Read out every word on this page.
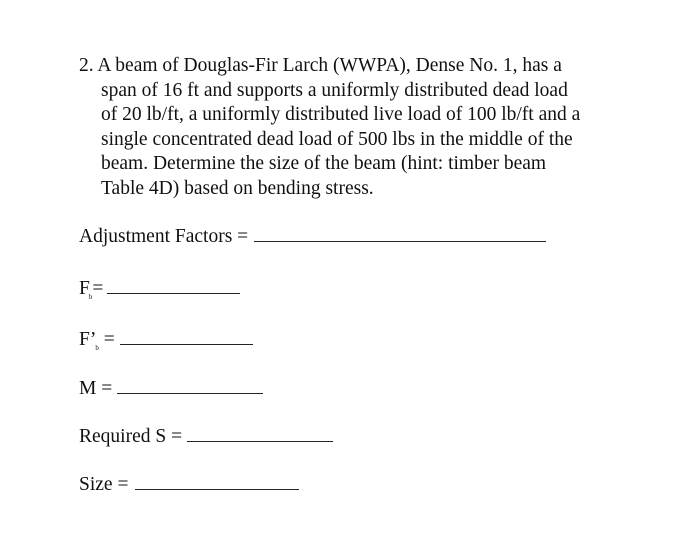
2. A beam of Douglas-Fir Larch (WWPA), Dense No. 1, has a
span of 16 ft and supports a uniformly distributed dead load
of 20 lb/ft, a uniformly distributed live load of 100 lb/ft and a
single concentrated dead load of 500 lbs in the middle of the
beam. Determine the size of the beam (hint: timber beam
Table 4D) based on bending stress.
Adjustment Factors =
$F_b=$
$F’_b$ =
M =
Required S =
Size =
